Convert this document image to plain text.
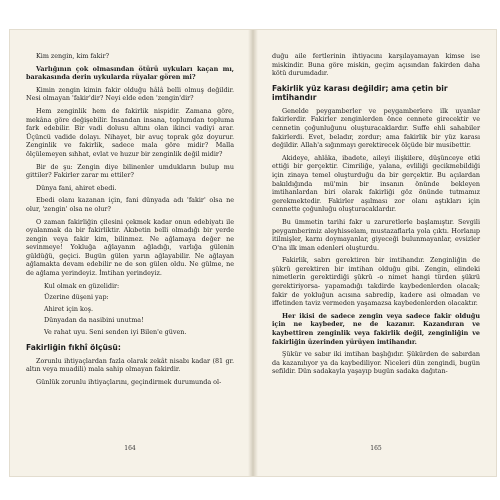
Kim zengin, kim fakir?

Varlığının çok olmasından ötürü uykuları kaçan mı, barakasında derin uykularda rüyalar gören mi?

Kimin zengin kimin fakir olduğu hâlâ belli olmuş değildir. Nesi olmayan 'fakir'dir? Neyi elde eden 'zengin'dir?

Hem zenginlik hem de fakirlik nispidir. Zamana göre, mekâna göre değişebilir. İnsandan insana, toplumdan topluma fark edebilir. Bir vadi dolusu altını olan ikinci vadiyi arar. Üçüncü vadide dolayı. Nihayet, bir avuç toprak göz doyurur. Zenginlik ve fakirlik, sadece mala göre midir? Malla ölçülemeyen sıhhat, evlat ve huzur bir zenginlik değil midir?

Bir de şu: Zengin diye bilinenler umdukların bulup mu gittiler? Fakirler zarar mı ettiler?

Dünya fani, ahiret ebedi.

Ebedi olanı kazanan için, fani dünyada adı 'fakir' olsa ne olur, 'zengin' olsa ne olur?

O zaman fakirliğin çilesini çekmek kadar onun edebiyatı ile oyalanmak da bir fakirliktir. Akıbetin belli olmadığı bir yerde zengin veya fakir kim, bilinmez. Ne ağlamaya değer ne sevinmeye! Yokluğa ağlayanın ağladığı, varlığa gülenin güldüğü, geçici. Bugün gülen yarın ağlayabilir. Ne ağlayan ağlamakta devam edebilir ne de son gülen oldu. Ne gülme, ne de ağlama yerindeyiz. İmtihan yerindeyiz.

Kul olmak en güzelidir:
Üzerine düşeni yap:
Ahiret için koş.
Dünyadan da nasibini unutma!
Ve rahat uyu. Seni senden iyi Bilen'e güven.
Fakirliğin fıkhî ölçüsü:

Zorunlu ihtiyaçlardan fazla olarak zekât nisabı kadar (81 gr. altın veya muadili) mala sahip olmayan fakirdir.

Günlük zorunlu ihtiyaçlarını, geçindirmek durumunda ol-

164

duğu aile fertlerinin ihtiyacını karşılayamayan kimse ise miskindir. Buna göre miskin, geçim açısından fakirden daha kötü durumdadır.

Fakirlik yüz karası değildir; ama çetin bir imtihandır

Genelde peygamberler ve peygamberlere ilk uyanlar fakirlerdir. Fakirler zenginlerden önce cennete girecektir ve cennetin çoğunluğunu oluşturacaklardır. Suffe ehli sahabiler fakirlerdi. Evet, beladır, zordur; ama fakirlik bir yüz karası değildir. Allah'a sığınmayı gerektirecek ölçüde bir musibettir.

Akideye, ahlâka, ibadete, aileyi ilişkilere, düşünceye etki ettiği bir gerçektir. Cimriliğe, yalana, evliliği gecikmebildiği için zinaya temel oluşturduğu da bir gerçektir. Bu açılardan bakıldığında mü'min bir insanın önünde bekleyen imtihanlardan biri olarak fakirliği göz önünde tutmamız gerekmektedir. Fakirler aşılması zor olanı aştıkları için cennette çoğunluğu oluşturacaklardır.

Bu ümmetin tarihi fakr u zaruretlerle başlamıştır. Sevgili peygamberimiz aleyhisselam, mustazaflarla yola çıktı. Horlanıp itilmişler, karnı doymayanlar, giyeceği bulunmayanlar, evsizler O'na ilk iman edenleri oluşturdu.

Fakirlik, sabrı gerektiren bir imtihandır. Zenginliğin de şükrü gerektiren bir imtihan olduğu gibi. Zengin, elindeki nimetlerin gerektirdiği şükrü -o nimet hangi türden şükrü gerektiriyorsa- yapamadığı takdirde kaybedenlerden olacak; fakir de yokluğun acısına sabredip, kadere asi olmadan ve iffetinden taviz vermeden yaşamazsa kaybedenlerden olacaktır.

Her ikisi de sadece zengin veya sadece fakir olduğu için ne kaybeder, ne de kazanır. Kazandıran ve kaybettiren zenginlik veya fakirlik değil, zenginliğin ve fakirliğin üzerinden yürüyen imtihandır.

Şükür ve sabır iki imtihan başlığıdır. Şükürden de sabırdan da kazanılıyor ya da kaybediliyor. Niceleri dün zengindi, bugün sefildir. Dün sadakayla yaşayıp bugün sadaka dağıtan-

165
